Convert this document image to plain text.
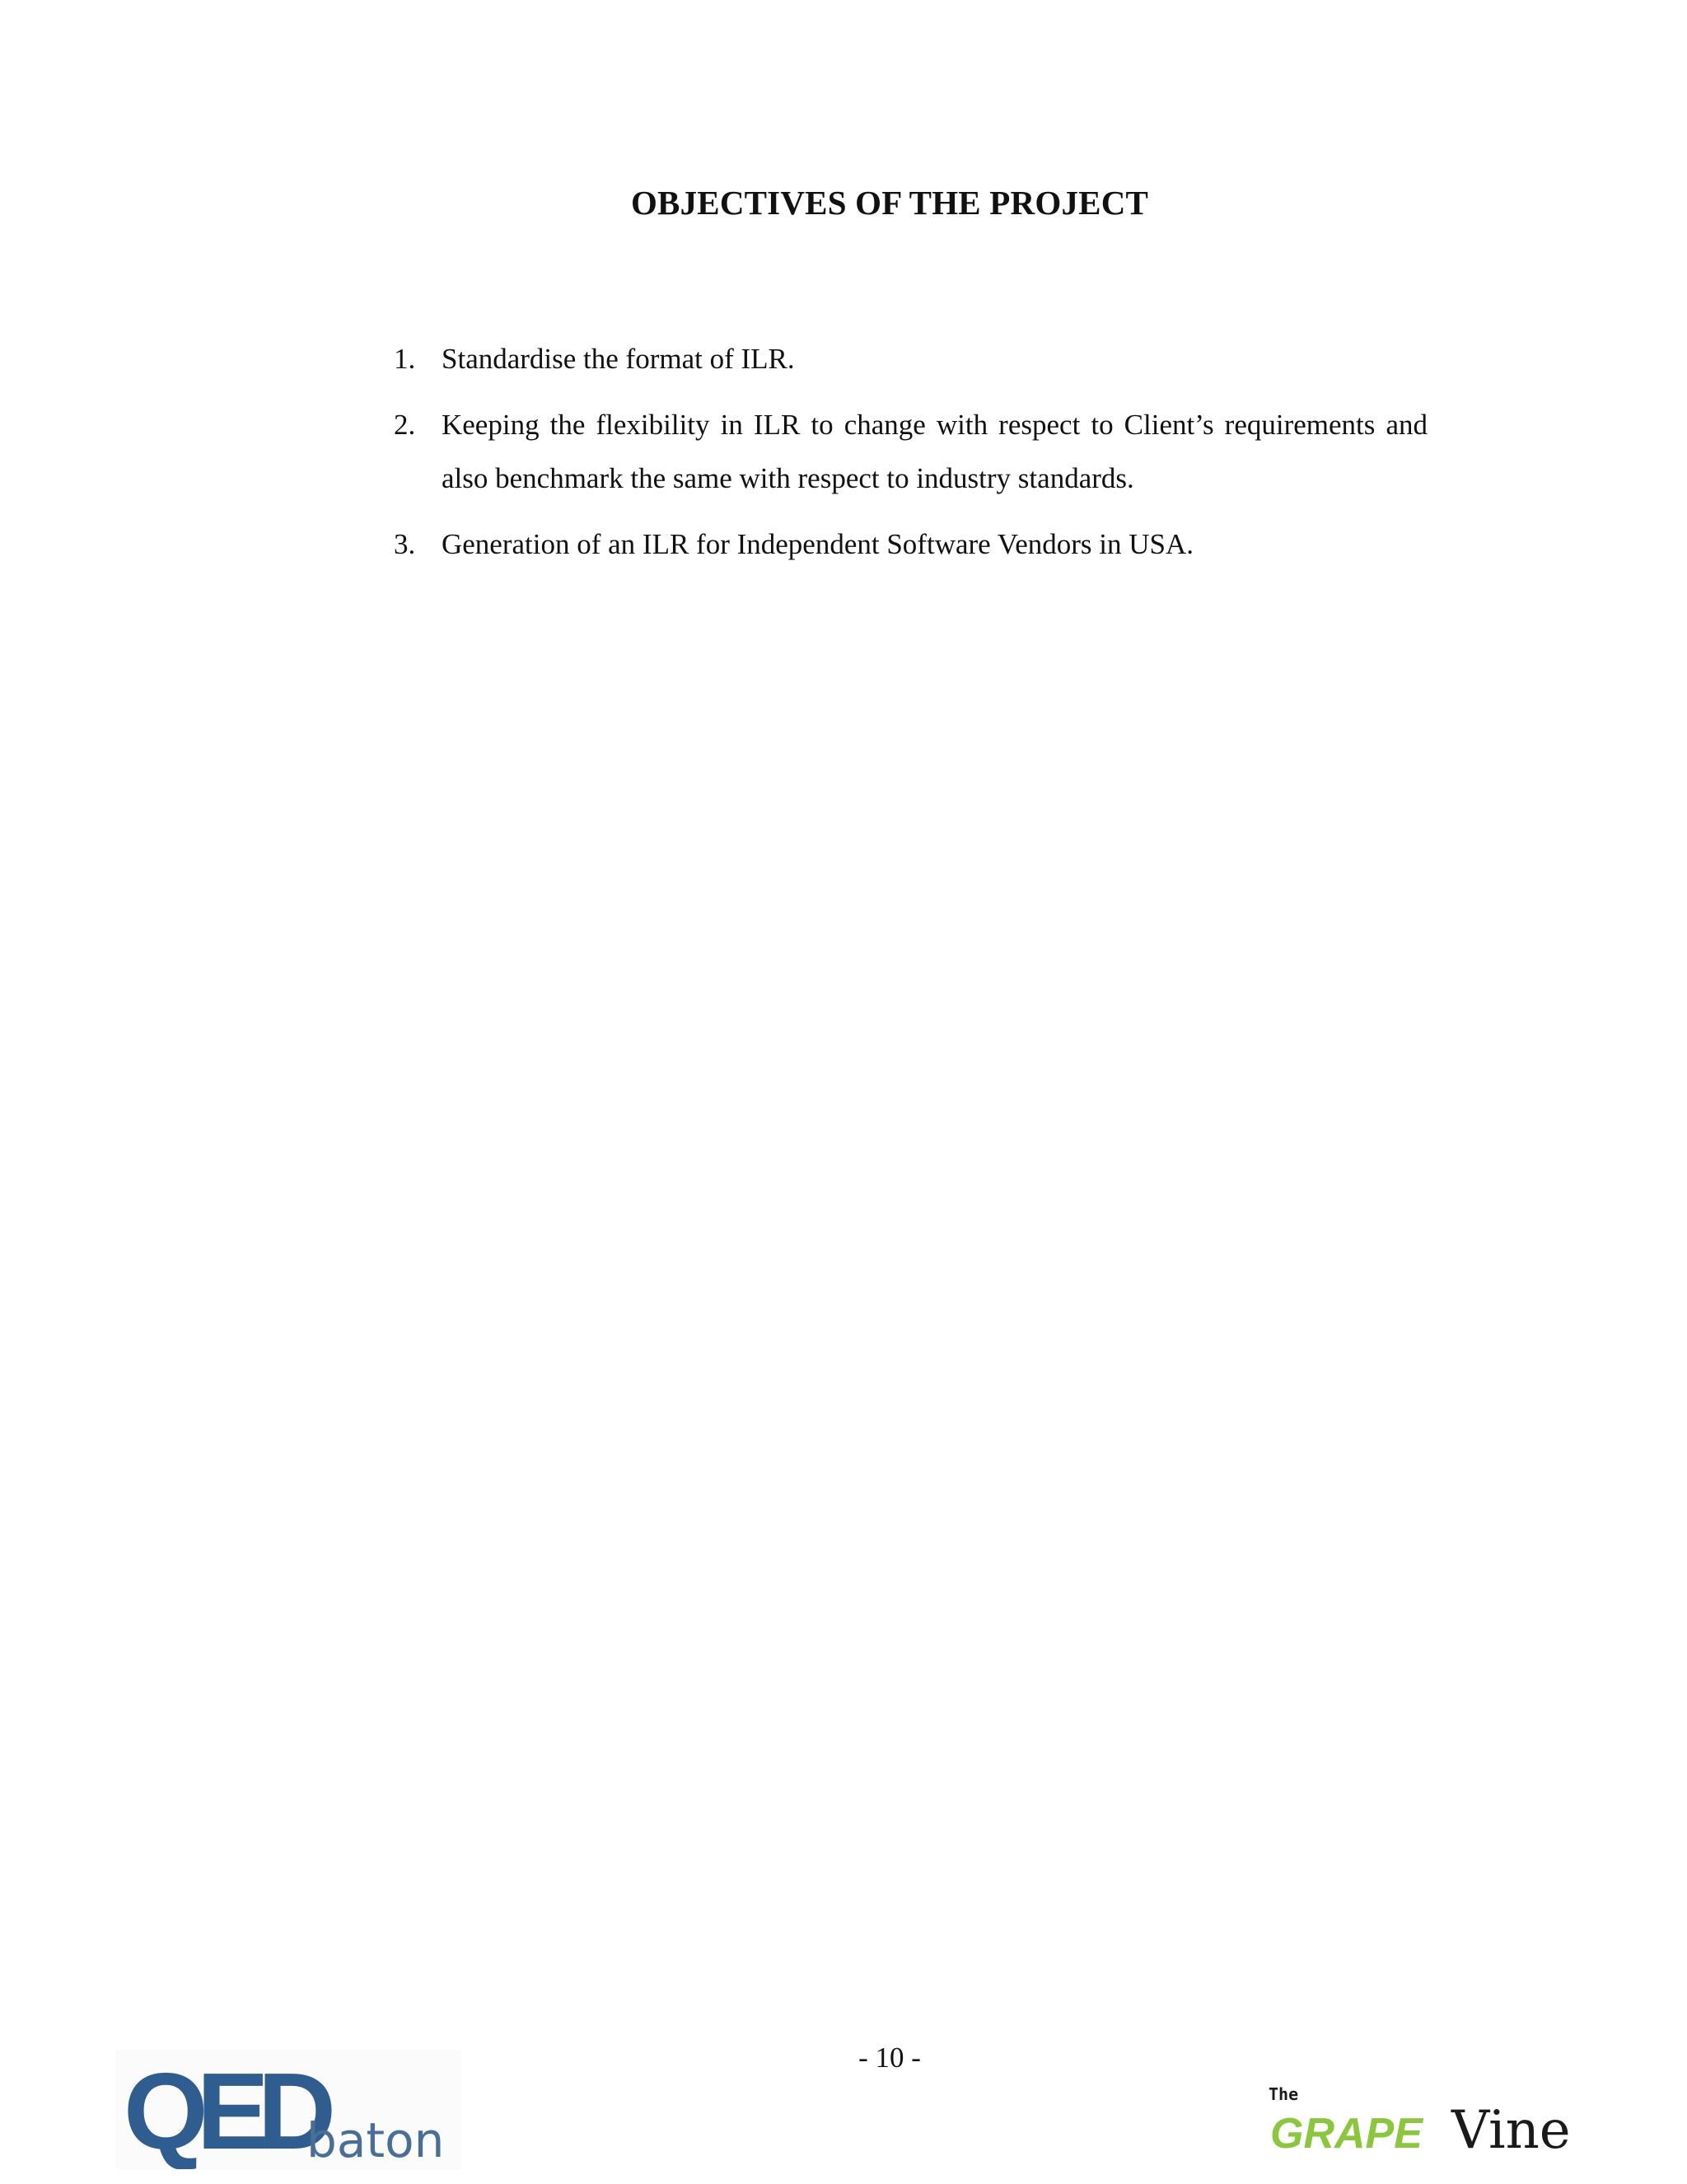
OBJECTIVES OF THE PROJECT
1. Standardise the format of ILR.
2. Keeping the flexibility in ILR to change with respect to Client’s requirements and also benchmark the same with respect to industry standards.
3. Generation of an ILR for Independent Software Vendors in USA.
- 10 -
QED
baton
The
GRAPE Vine
